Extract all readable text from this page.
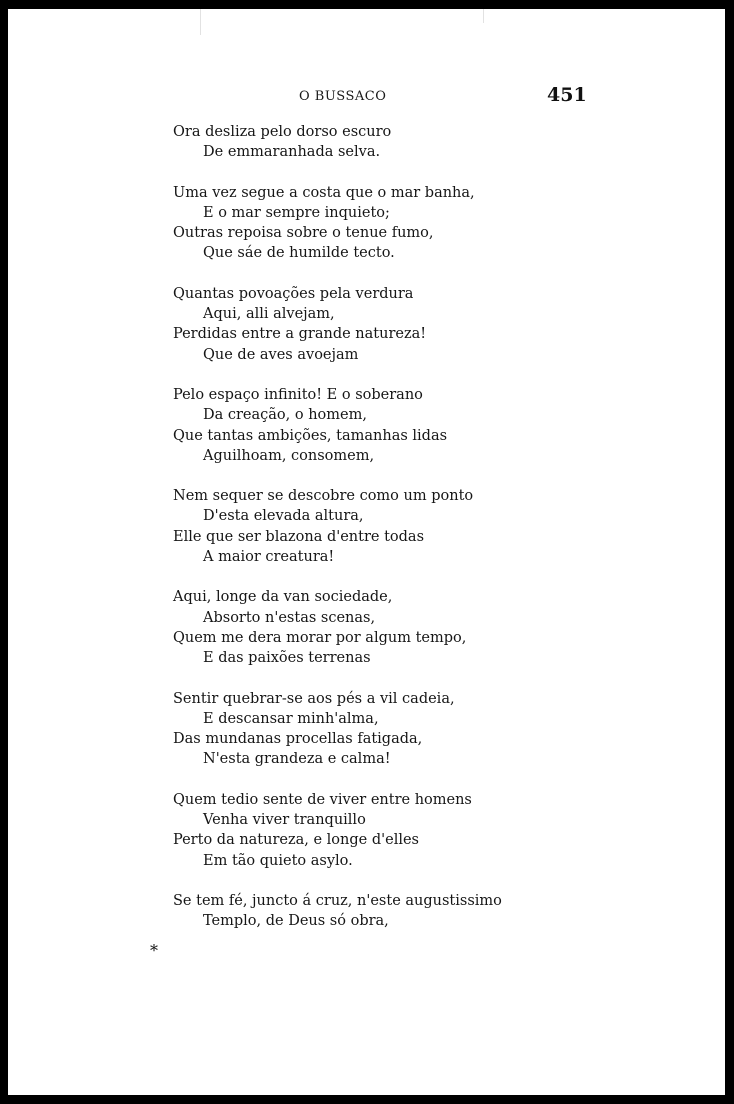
O BUSSACO	451
Ora desliza pelo dorso escuro
De emmaranhada selva.
Uma vez segue a costa que o mar banha,
E o mar sempre inquieto;
Outras repoisa sobre o tenue fumo,
Que sáe de humilde tecto.
Quantas povoações pela verdura
Aqui, alli alvejam,
Perdidas entre a grande natureza!
Que de aves avoejam
Pelo espaço infinito! E o soberano
Da creação, o homem,
Que tantas ambições, tamanhas lidas
Aguilhoam, consomem,
Nem sequer se descobre como um ponto
D'esta elevada altura,
Elle que ser blazona d'entre todas
A maior creatura!
Aqui, longe da van sociedade,
Absorto n'estas scenas,
Quem me dera morar por algum tempo,
E das paixões terrenas
Sentir quebrar-se aos pés a vil cadeia,
E descansar minh'alma,
Das mundanas procellas fatigada,
N'esta grandeza e calma!
Quem tedio sente de viver entre homens
Venha viver tranquillo
Perto da natureza, e longe d'elles
Em tão quieto asylo.
Se tem fé, juncto á cruz, n'este augustissimo
Templo, de Deus só obra,
*
